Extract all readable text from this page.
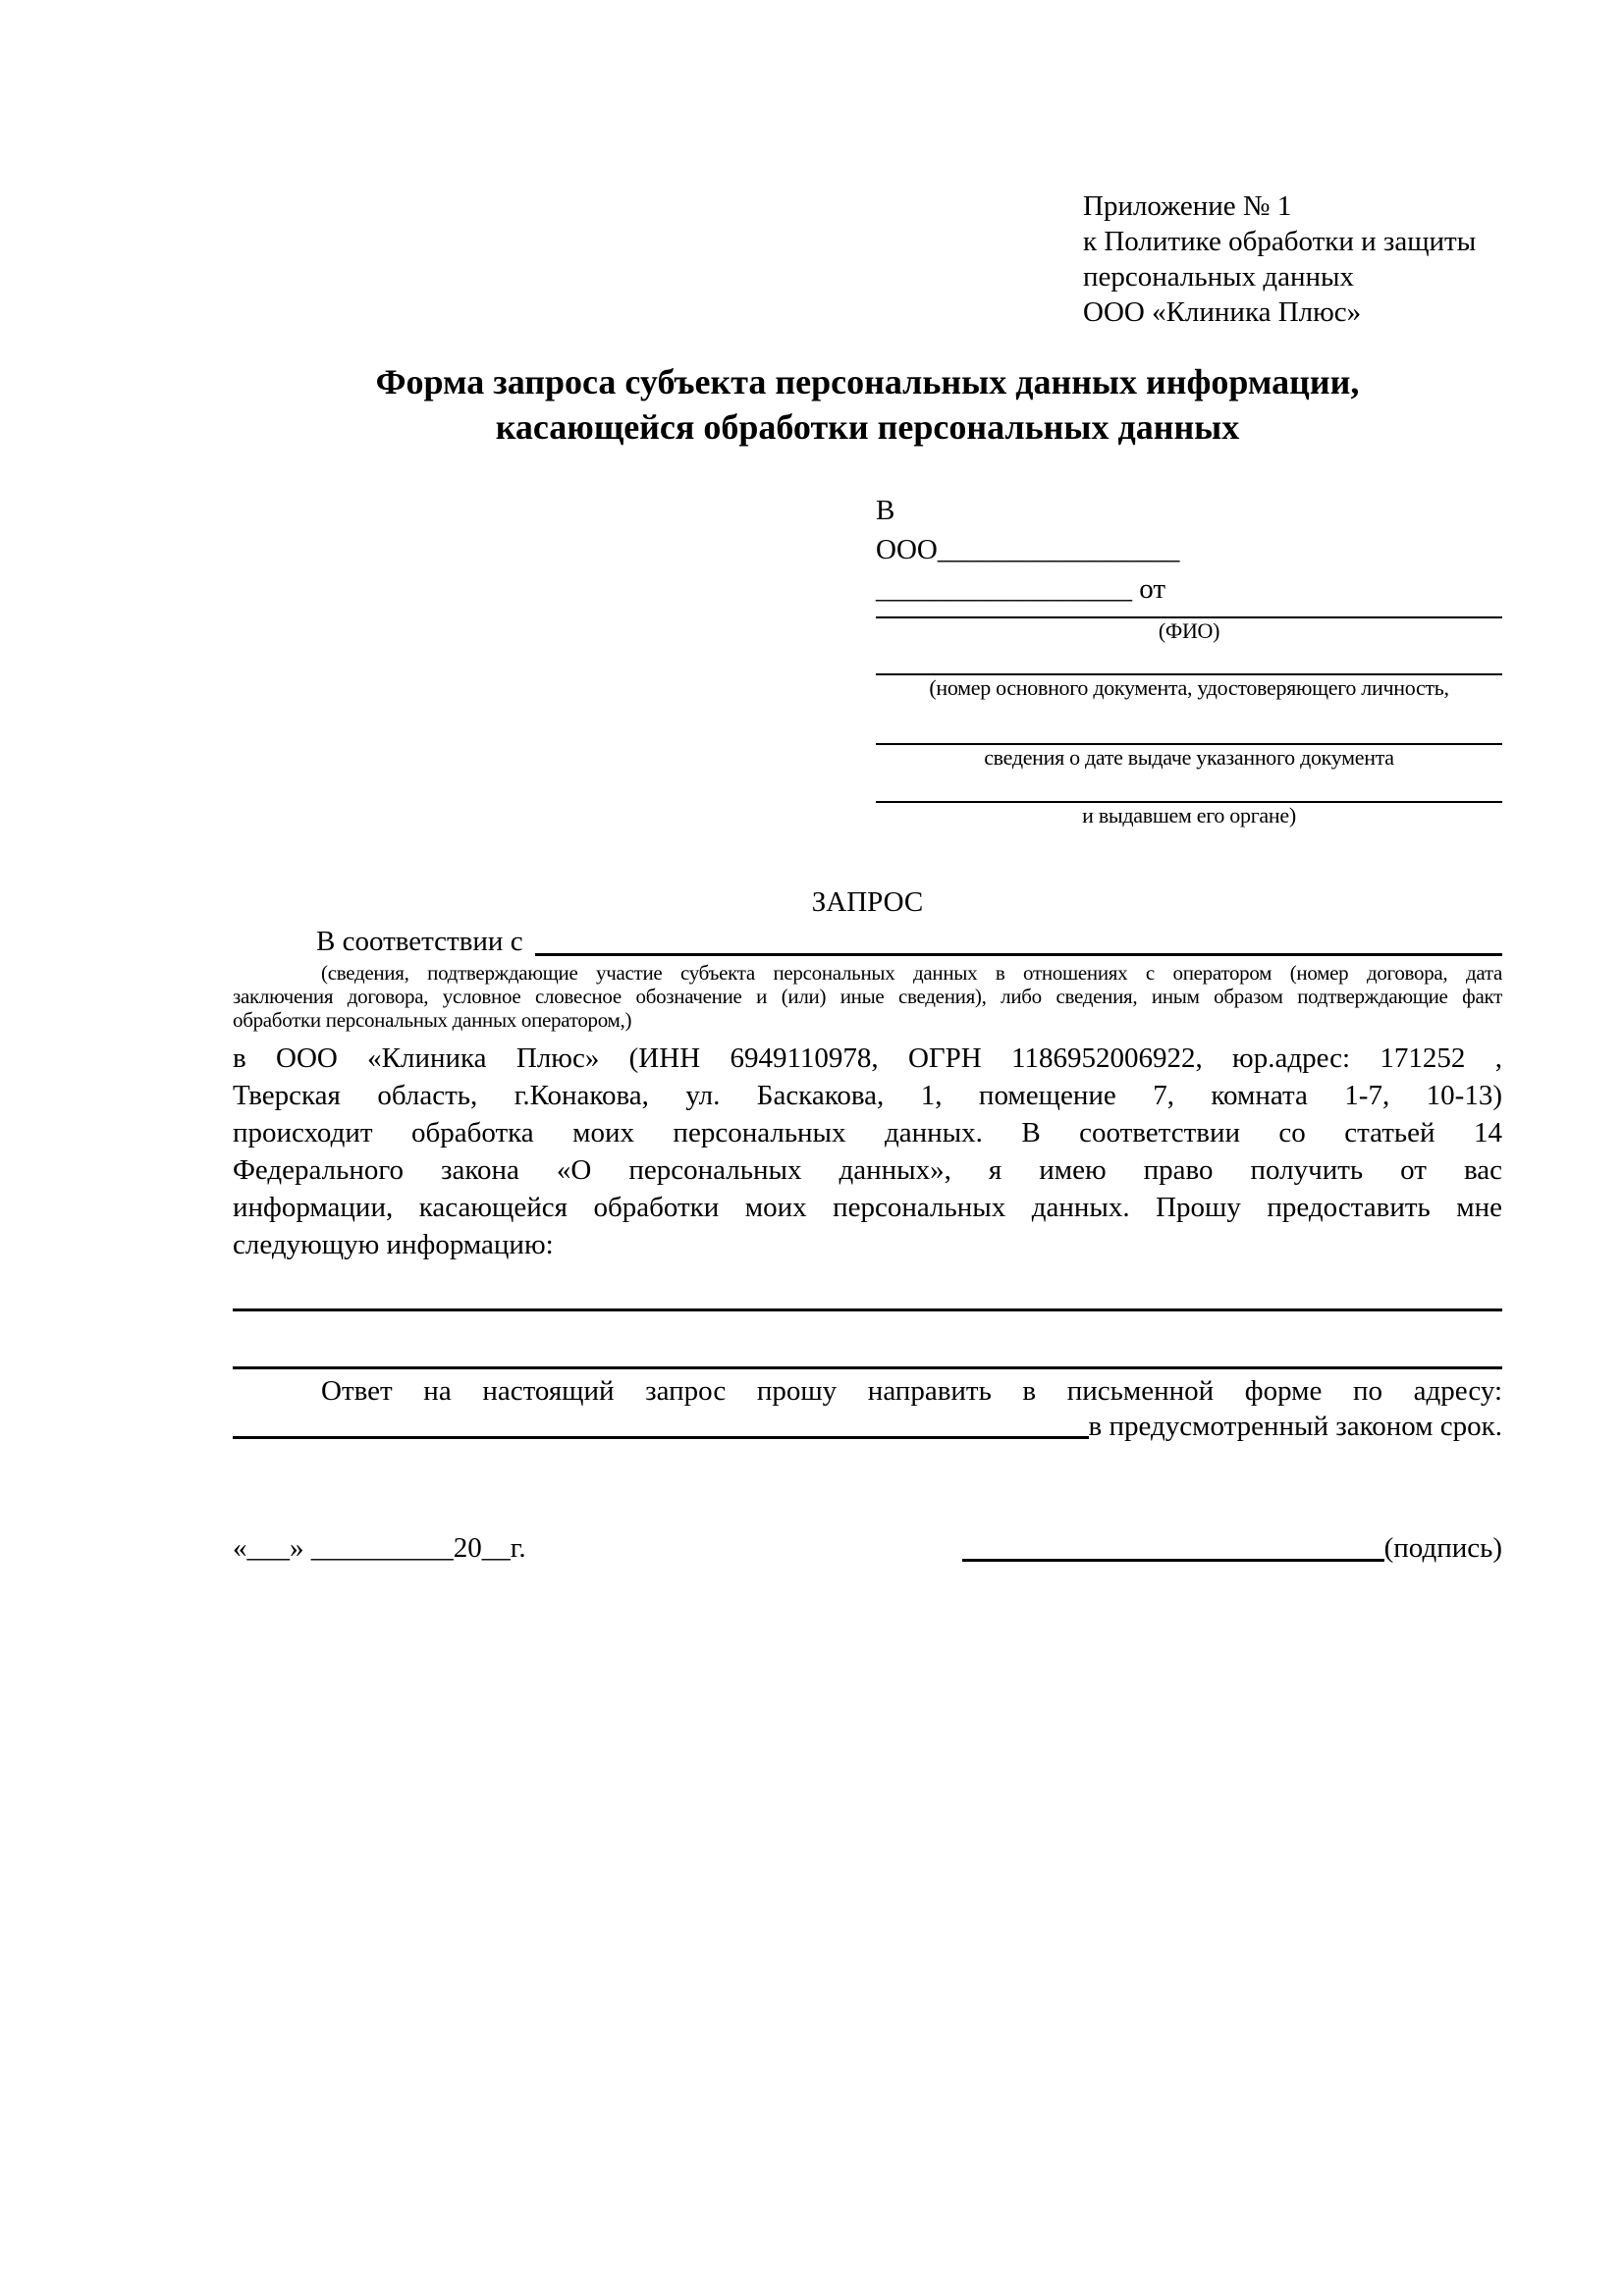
Приложение № 1
к Политике обработки и защиты
персональных данных
ООО «Клиника Плюс»
Форма запроса субъекта персональных данных информации,
касающейся обработки персональных данных
В
ООО_________________
__________________ от
(ФИО)
(номер основного документа, удостоверяющего личность,
сведения о дате выдаче указанного документа
и выдавшем его органе)
ЗАПРОС
В соответствии с
(сведения, подтверждающие участие субъекта персональных данных в отношениях с оператором (номер договора, дата
заключения договора, условное словесное обозначение и (или) иные сведения), либо сведения, иным образом подтверждающие факт
обработки персональных данных оператором,)
в ООО «Клиника Плюс» (ИНН 6949110978, ОГРН 1186952006922, юр.адрес: 171252 ,
Тверская область, г.Конакова, ул. Баскакова, 1, помещение 7, комната 1-7, 10-13)
происходит обработка моих персональных данных. В соответствии со статьей 14
Федерального закона «О персональных данных», я имею право получить от вас
информации, касающейся обработки моих персональных данных. Прошу предоставить мне
следующую информацию:
Ответ на настоящий запрос прошу направить в письменной форме по адресу:
в предусмотренный законом срок.
«___» __________20__г.	(подпись)
